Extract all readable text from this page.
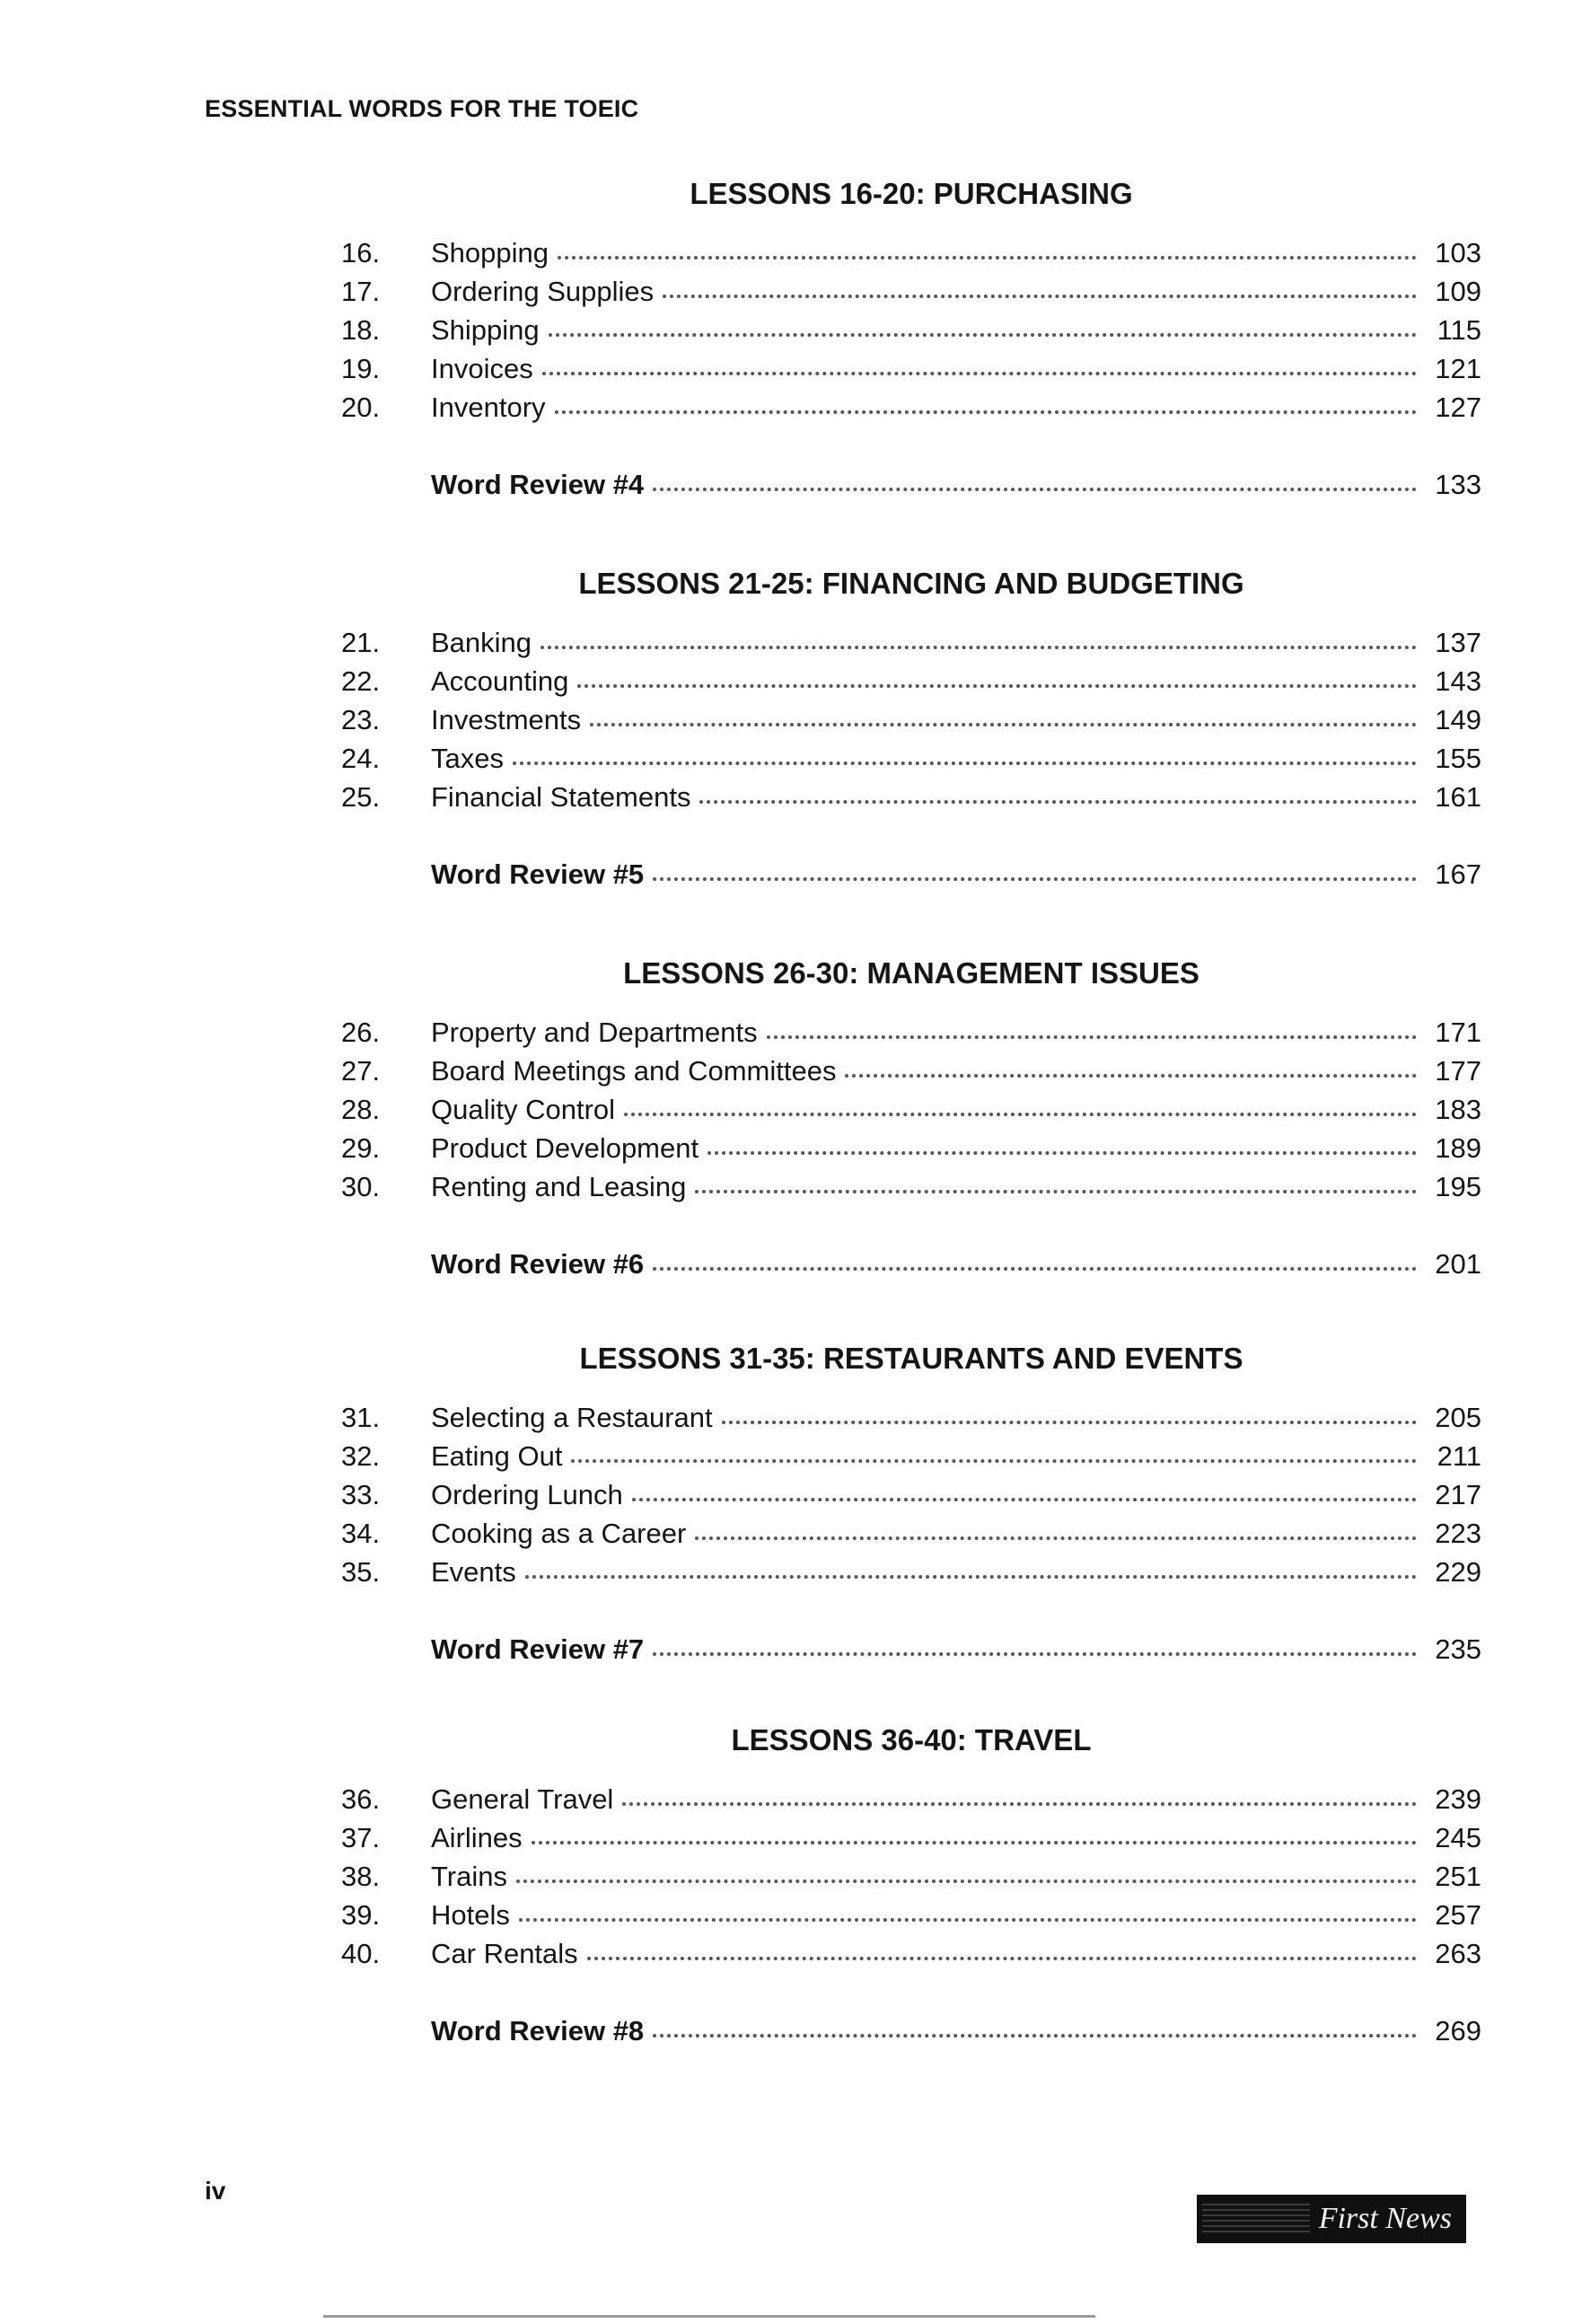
ESSENTIAL WORDS FOR THE TOEIC
LESSONS 16-20: PURCHASING
16.	Shopping	103
17.	Ordering Supplies	109
18.	Shipping	115
19.	Invoices	121
20.	Inventory	127
Word Review #4	133
LESSONS 21-25: FINANCING AND BUDGETING
21.	Banking	137
22.	Accounting	143
23.	Investments	149
24.	Taxes	155
25.	Financial Statements	161
Word Review #5	167
LESSONS 26-30: MANAGEMENT ISSUES
26.	Property and Departments	171
27.	Board Meetings and Committees	177
28.	Quality Control	183
29.	Product Development	189
30.	Renting and Leasing	195
Word Review #6	201
LESSONS 31-35: RESTAURANTS AND EVENTS
31.	Selecting a Restaurant	205
32.	Eating Out	211
33.	Ordering Lunch	217
34.	Cooking as a Career	223
35.	Events	229
Word Review #7	235
LESSONS 36-40: TRAVEL
36.	General Travel	239
37.	Airlines	245
38.	Trains	251
39.	Hotels	257
40.	Car Rentals	263
Word Review #8	269
iv
First News
